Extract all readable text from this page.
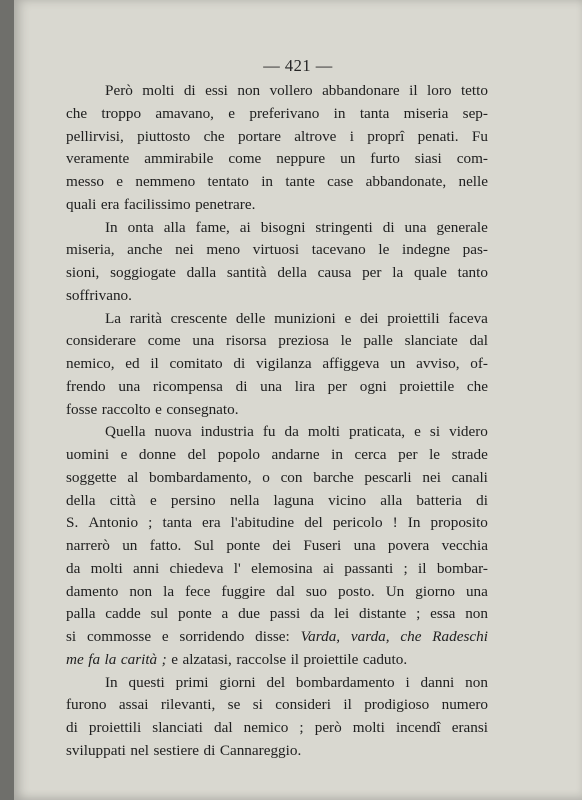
— 421 —
Però molti di essi non vollero abbandonare il loro tetto
che troppo amavano, e preferivano in tanta miseria sep-
pellirvisi, piuttosto che portare altrove i proprî penati. Fu
veramente ammirabile come neppure un furto siasi com-
messo e nemmeno tentato in tante case abbandonate, nelle
quali era facilissimo penetrare.
In onta alla fame, ai bisogni stringenti di una generale
miseria, anche nei meno virtuosi tacevano le indegne pas-
sioni, soggiogate dalla santità della causa per la quale tanto
soffrivano.
La rarità crescente delle munizioni e dei proiettili faceva
considerare come una risorsa preziosa le palle slanciate dal
nemico, ed il comitato di vigilanza affiggeva un avviso, of-
frendo una ricompensa di una lira per ogni proiettile che
fosse raccolto e consegnato.
Quella nuova industria fu da molti praticata, e si videro
uomini e donne del popolo andarne in cerca per le strade
soggette al bombardamento, o con barche pescarli nei canali
della città e persino nella laguna vicino alla batteria di
S. Antonio ; tanta era l'abitudine del pericolo ! In proposito
narrerò un fatto. Sul ponte dei Fuseri una povera vecchia
da molti anni chiedeva l' elemosina ai passanti ; il bombar-
damento non la fece fuggire dal suo posto. Un giorno una
palla cadde sul ponte a due passi da lei distante ; essa non
si commosse e sorridendo disse: Varda, varda, che Radeschi
me fa la carità ; e alzatasi, raccolse il proiettile caduto.
In questi primi giorni del bombardamento i danni non
furono assai rilevanti, se si consideri il prodigioso numero
di proiettili slanciati dal nemico ; però molti incendî eransi
sviluppati nel sestiere di Cannareggio.
